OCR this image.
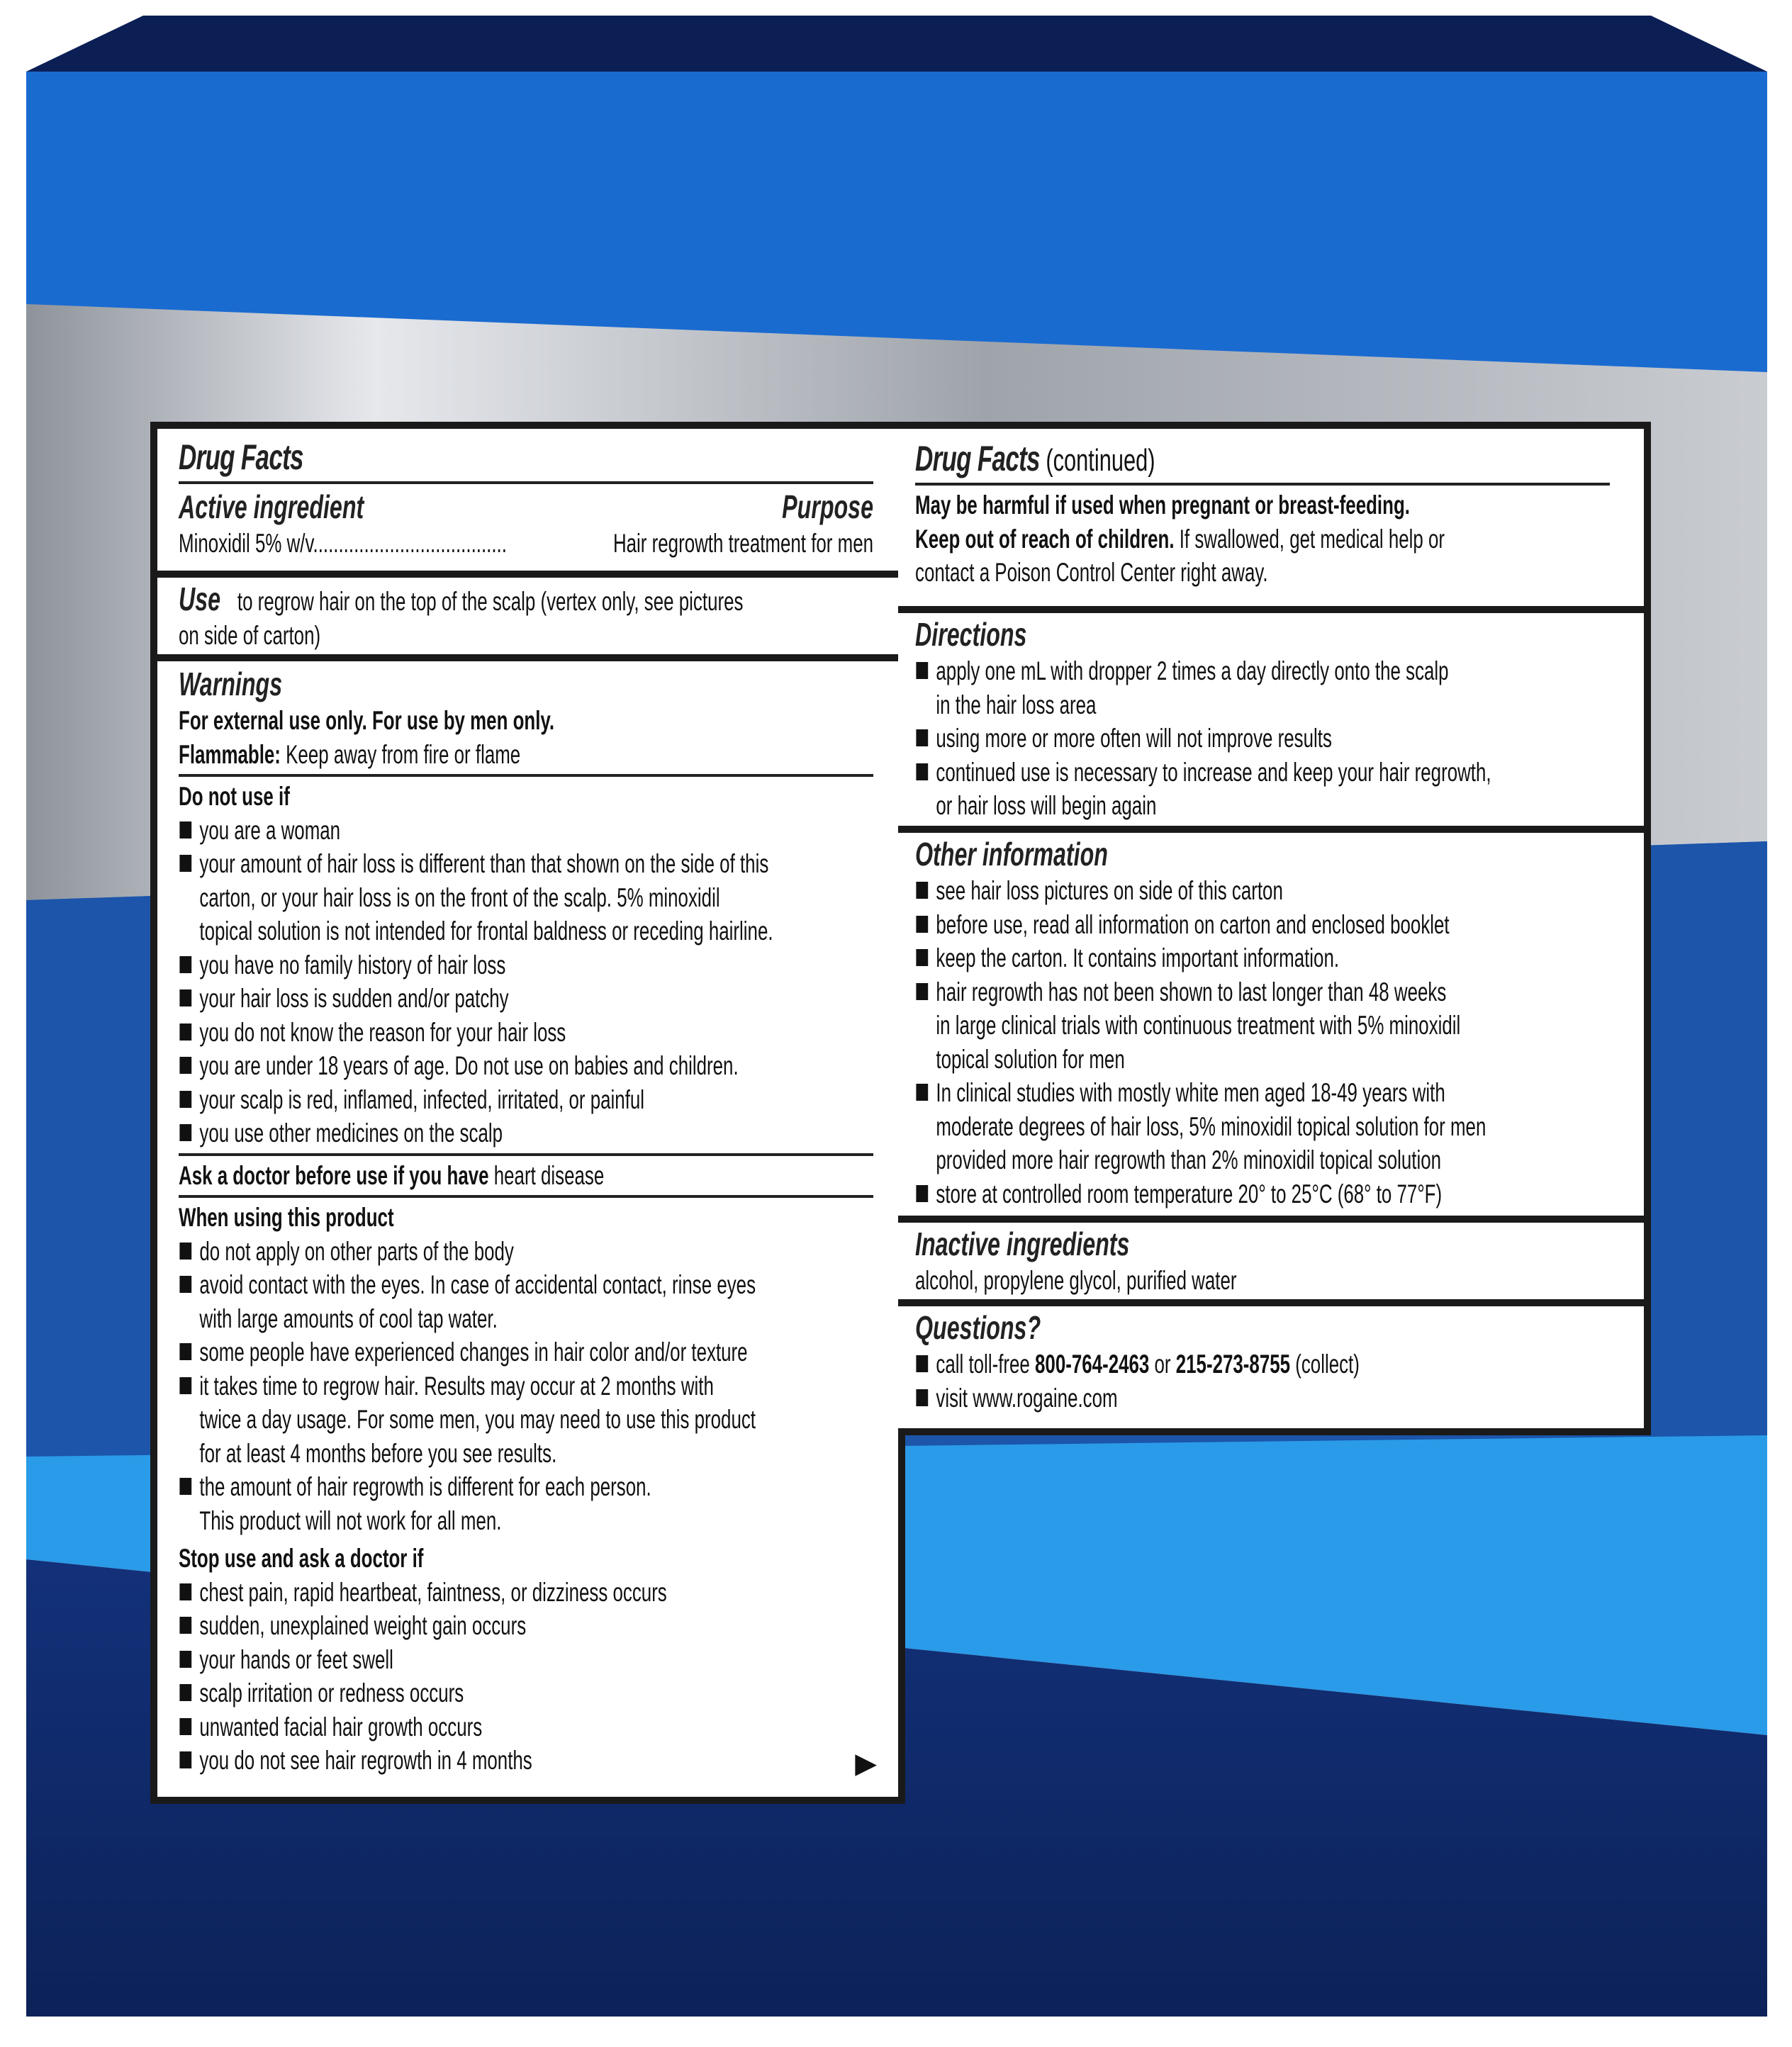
Drug Facts
Active ingredient	Purpose
Minoxidil 5% w/v......................................	Hair regrowth treatment for men
Use to regrow hair on the top of the scalp (vertex only, see pictures
on side of carton)
Warnings
For external use only. For use by men only.
Flammable: Keep away from fire or flame
Do not use if
you are a woman
your amount of hair loss is different than that shown on the side of this
carton, or your hair loss is on the front of the scalp. 5% minoxidil
topical solution is not intended for frontal baldness or receding hairline.
you have no family history of hair loss
your hair loss is sudden and/or patchy
you do not know the reason for your hair loss
you are under 18 years of age. Do not use on babies and children.
your scalp is red, inflamed, infected, irritated, or painful
you use other medicines on the scalp
Ask a doctor before use if you have heart disease
When using this product
do not apply on other parts of the body
avoid contact with the eyes. In case of accidental contact, rinse eyes
with large amounts of cool tap water.
some people have experienced changes in hair color and/or texture
it takes time to regrow hair. Results may occur at 2 months with
twice a day usage. For some men, you may need to use this product
for at least 4 months before you see results.
the amount of hair regrowth is different for each person.
This product will not work for all men.
Stop use and ask a doctor if
chest pain, rapid heartbeat, faintness, or dizziness occurs
sudden, unexplained weight gain occurs
your hands or feet swell
scalp irritation or redness occurs
unwanted facial hair growth occurs
you do not see hair regrowth in 4 months	▶
Drug Facts (continued)
May be harmful if used when pregnant or breast-feeding.
Keep out of reach of children. If swallowed, get medical help or
contact a Poison Control Center right away.
Directions
apply one mL with dropper 2 times a day directly onto the scalp
in the hair loss area
using more or more often will not improve results
continued use is necessary to increase and keep your hair regrowth,
or hair loss will begin again
Other information
see hair loss pictures on side of this carton
before use, read all information on carton and enclosed booklet
keep the carton. It contains important information.
hair regrowth has not been shown to last longer than 48 weeks
in large clinical trials with continuous treatment with 5% minoxidil
topical solution for men
In clinical studies with mostly white men aged 18-49 years with
moderate degrees of hair loss, 5% minoxidil topical solution for men
provided more hair regrowth than 2% minoxidil topical solution
store at controlled room temperature 20° to 25°C (68° to 77°F)
Inactive ingredients
alcohol, propylene glycol, purified water
Questions?
call toll-free 800-764-2463 or 215-273-8755 (collect)
visit www.rogaine.com
